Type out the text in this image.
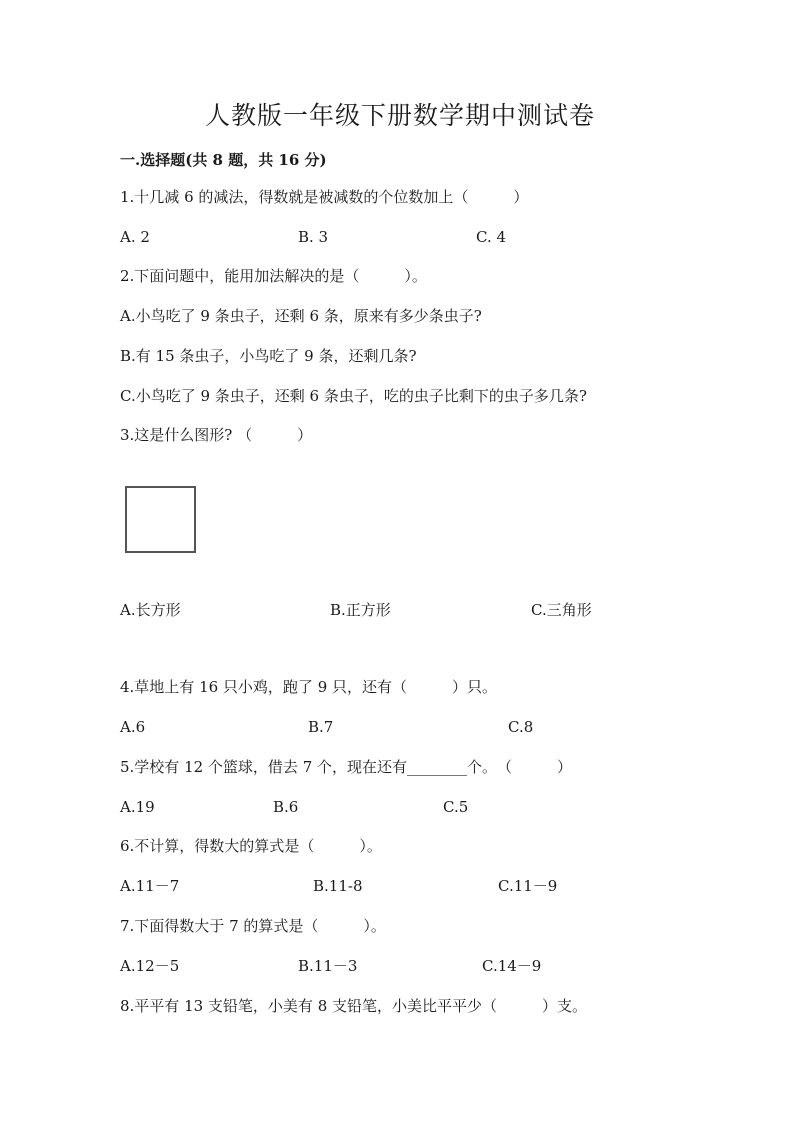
人教版一年级下册数学期中测试卷
一.选择题(共 8 题，共 16 分)
1.十几减 6 的减法，得数就是被减数的个位数加上（　　　）
A. 2	B. 3	C. 4
2.下面问题中，能用加法解决的是（　　　）。
A.小鸟吃了 9 条虫子，还剩 6 条，原来有多少条虫子?
B.有 15 条虫子，小鸟吃了 9 条，还剩几条?
C.小鸟吃了 9 条虫子，还剩 6 条虫子，吃的虫子比剩下的虫子多几条?
3.这是什么图形? （　　　）
A.长方形	B.正方形	C.三角形
4.草地上有 16 只小鸡，跑了 9 只，还有（　　　）只。
A.6	B.7	C.8
5.学校有 12 个篮球，借去 7 个，现在还有________个。　（　　　）
A.19	B.6	C.5
6.不计算，得数大的算式是（　　　）。
A.11－7	B.11-8	C.11－9
7.下面得数大于 7 的算式是（　　　）。
A.12－5	B.11－3	C.14－9
8.平平有 13 支铅笔，小美有 8 支铅笔，小美比平平少（　　　）支。
